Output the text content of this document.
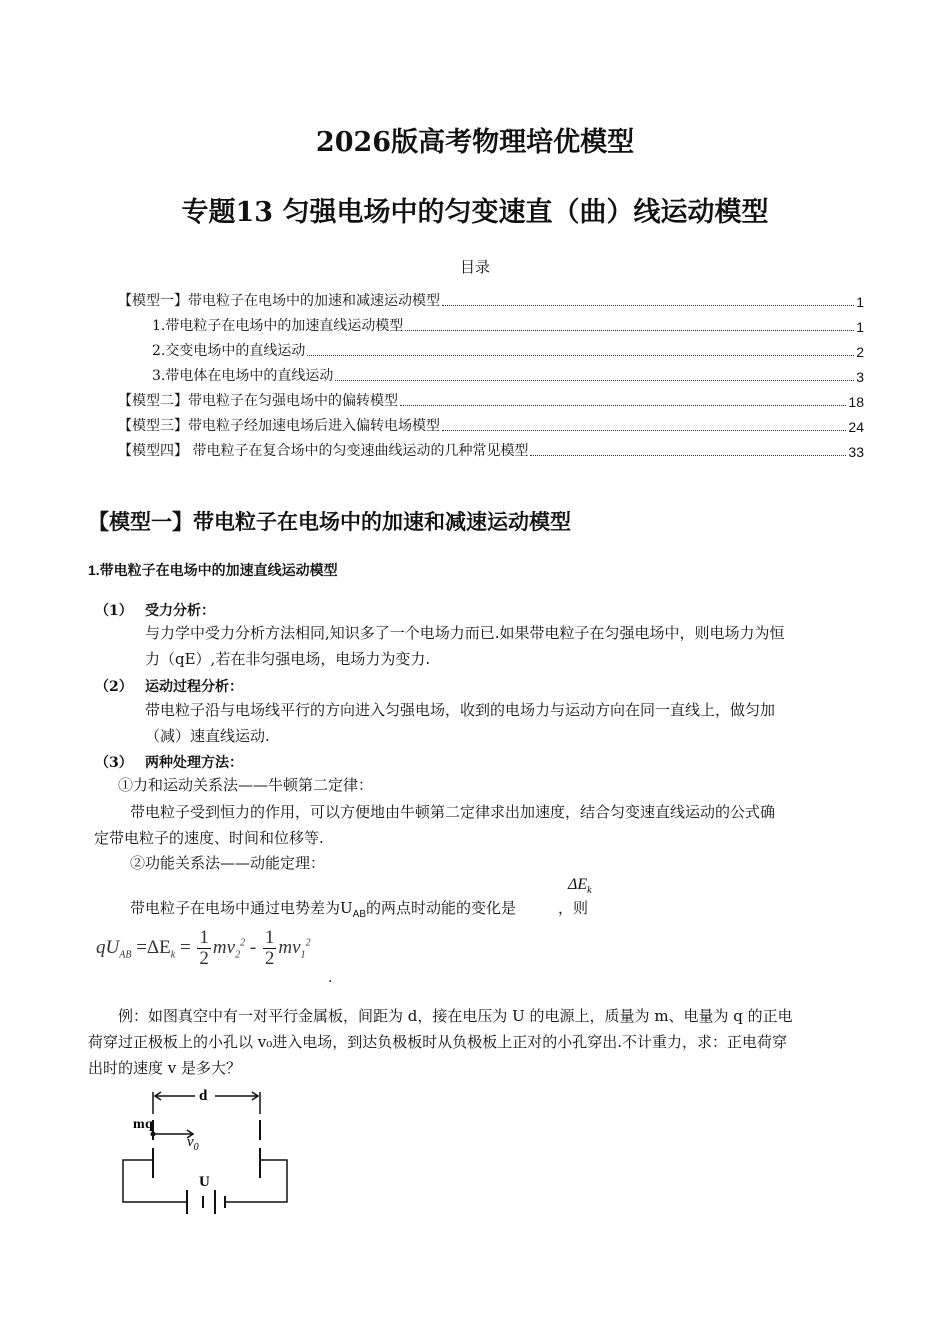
2026版高考物理培优模型
专题13 匀强电场中的匀变速直（曲）线运动模型
目录
【模型一】带电粒子在电场中的加速和减速运动模型	1
1.带电粒子在电场中的加速直线运动模型	1
2.交变电场中的直线运动	2
3.带电体在电场中的直线运动	3
【模型二】带电粒子在匀强电场中的偏转模型	18
【模型三】带电粒子经加速电场后进入偏转电场模型	24
【模型四】 带电粒子在复合场中的匀变速曲线运动的几种常见模型	33
【模型一】带电粒子在电场中的加速和减速运动模型
1.带电粒子在电场中的加速直线运动模型
（1） 受力分析：
与力学中受力分析方法相同,知识多了一个电场力而已.如果带电粒子在匀强电场中，则电场力为恒
力（qE）,若在非匀强电场，电场力为变力.
（2） 运动过程分析：
带电粒子沿与电场线平行的方向进入匀强电场，收到的电场力与运动方向在同一直线上，做匀加
（减）速直线运动.
（3） 两种处理方法：
①力和运动关系法——牛顿第二定律：
带电粒子受到恒力的作用，可以方便地由牛顿第二定律求出加速度，结合匀变速直线运动的公式确
定带电粒子的速度、时间和位移等.
②功能关系法——动能定理：
$\Delta E_k$
带电粒子在电场中通过电势差为$U_{AB}$的两点时动能的变化是	，则
$qU_{AB} =\Delta E_k = \frac{1}{2} mv_2^2 - \frac{1}{2} mv_1^2$
.
例：如图真空中有一对平行金属板，间距为 d，接在电压为 U 的电源上，质量为 m、电量为 q 的正电
荷穿过正极板上的小孔以 v₀进入电场，到达负极板时从负极板上正对的小孔穿出.不计重力，求：正电荷穿
出时的速度 v 是多大？
d
m q
$v_0$
U
